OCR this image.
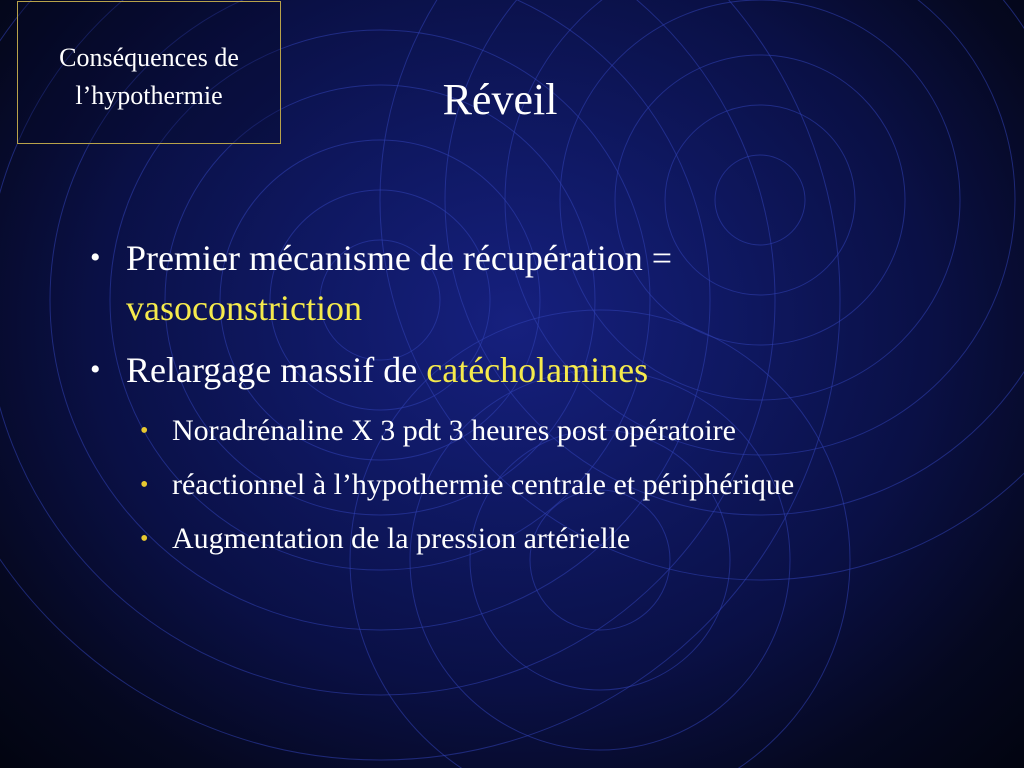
Conséquences de
l’hypothermie	Réveil
• Premier mécanisme de récupération =
vasoconstriction
• Relargage massif de catécholamines
• Noradrénaline X 3 pdt 3 heures post opératoire
• réactionnel à l’hypothermie centrale et périphérique
• Augmentation de la pression artérielle
